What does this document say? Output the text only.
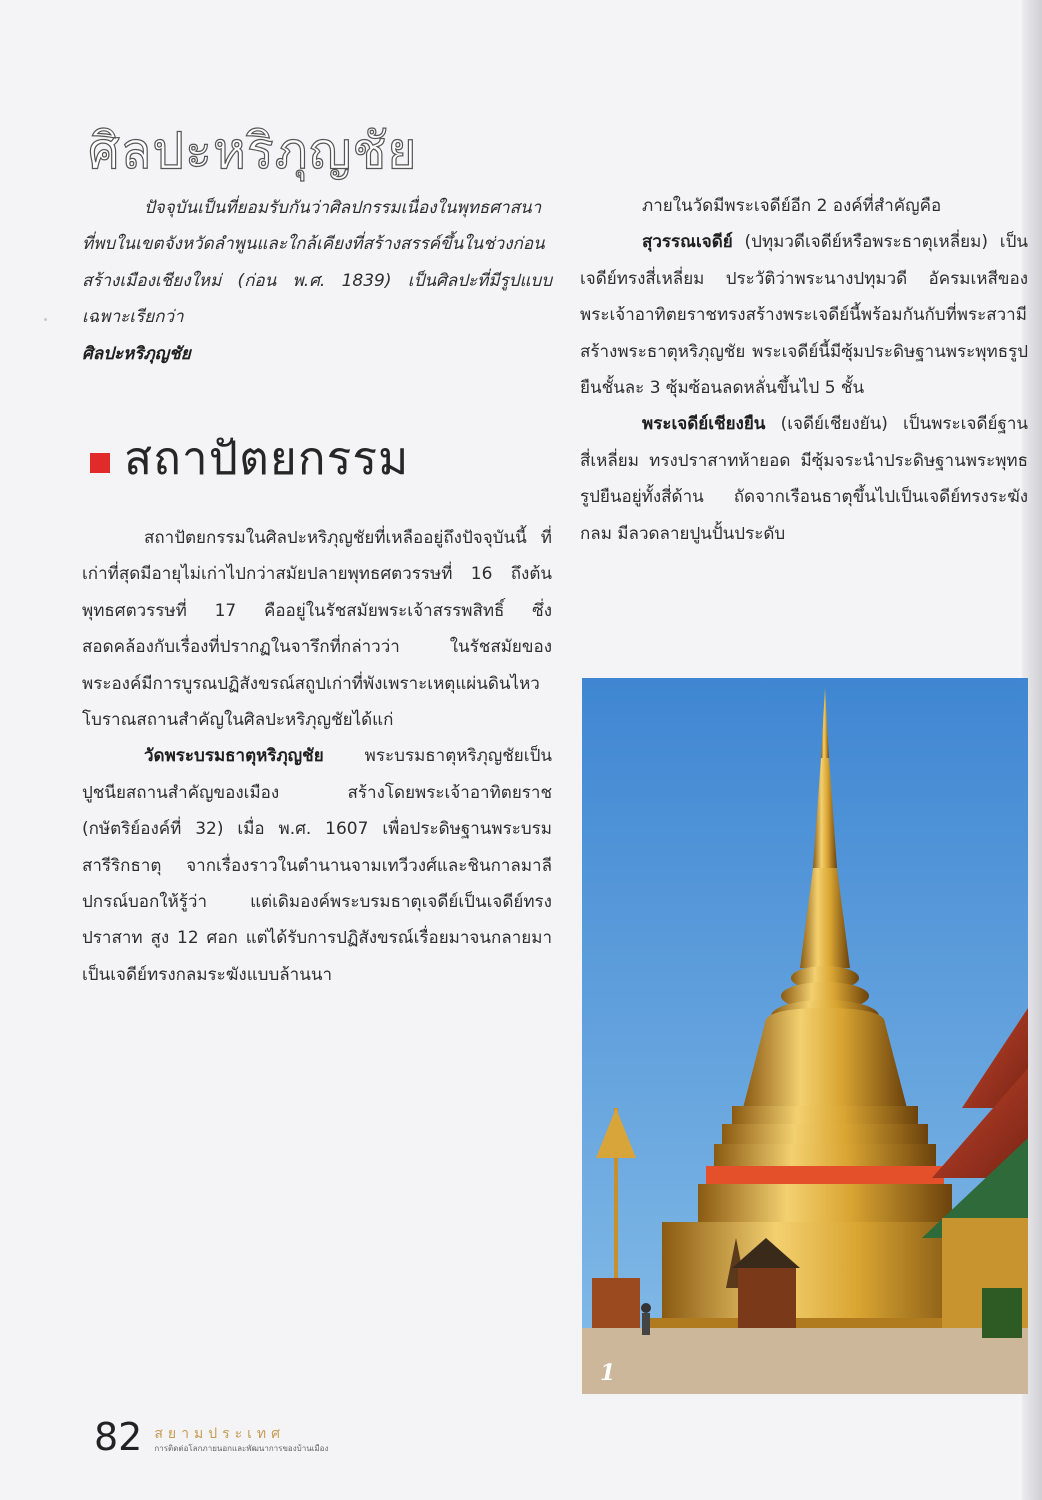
ศิลปะหริภุญชัย

ปัจจุบันเป็นที่ยอมรับกันว่าศิลปกรรมเนื่องในพุทธศาสนาที่พบในเขตจังหวัดลำพูนและใกล้เคียงที่สร้างสรรค์ขึ้นในช่วงก่อนสร้างเมืองเชียงใหม่ (ก่อน พ.ศ. 1839) เป็นศิลปะที่มีรูปแบบเฉพาะเรียกว่า
ศิลปะหริภุญชัย

สถาปัตยกรรม

สถาปัตยกรรมในศิลปะหริภุญชัยที่เหลืออยู่ถึงปัจจุบันนี้ ที่เก่าที่สุดมีอายุไม่เก่าไปกว่าสมัยปลายพุทธศตวรรษที่ 16 ถึงต้นพุทธศตวรรษที่ 17 คืออยู่ในรัชสมัยพระเจ้าสรรพสิทธิ์ ซึ่งสอดคล้องกับเรื่องที่ปรากฏในจารึกที่กล่าวว่า ในรัชสมัยของพระองค์มีการบูรณปฏิสังขรณ์สถูปเก่าที่พังเพราะเหตุแผ่นดินไหว โบราณสถานสำคัญในศิลปะหริภุญชัยได้แก่

วัดพระบรมธาตุหริภุญชัย พระบรมธาตุหริภุญชัยเป็นปูชนียสถานสำคัญของเมือง สร้างโดยพระเจ้าอาทิตยราช (กษัตริย์องค์ที่ 32) เมื่อ พ.ศ. 1607 เพื่อประดิษฐานพระบรมสารีริกธาตุ จากเรื่องราวในตำนานจามเทวีวงศ์และชินกาลมาลีปกรณ์บอกให้รู้ว่า แต่เดิมองค์พระบรมธาตุเจดีย์เป็นเจดีย์ทรงปราสาท สูง 12 ศอก แต่ได้รับการปฏิสังขรณ์เรื่อยมาจนกลายมาเป็นเจดีย์ทรงกลมระฆังแบบล้านนา

ภายในวัดมีพระเจดีย์อีก 2 องค์ที่สำคัญคือ

สุวรรณเจดีย์ (ปทุมวดีเจดีย์หรือพระธาตุเหลี่ยม) เป็นเจดีย์ทรงสี่เหลี่ยม ประวัติว่าพระนางปทุมวดี อัครมเหสีของพระเจ้าอาทิตยราชทรงสร้างพระเจดีย์นี้พร้อมกันกับที่พระสวามีสร้างพระธาตุหริภุญชัย พระเจดีย์นี้มีซุ้มประดิษฐานพระพุทธรูปยืนชั้นละ 3 ซุ้มซ้อนลดหลั่นขึ้นไป 5 ชั้น

พระเจดีย์เชียงยืน (เจดีย์เชียงยัน) เป็นพระเจดีย์ฐานสี่เหลี่ยม ทรงปราสาทห้ายอด มีซุ้มจระนำประดิษฐานพระพุทธรูปยืนอยู่ทั้งสี่ด้าน ถัดจากเรือนธาตุขึ้นไปเป็นเจดีย์ทรงระฆังกลม มีลวดลายปูนปั้นประดับ

1
82 สยามประเทศ
การติดต่อโลกภายนอกและพัฒนาการของบ้านเมือง
